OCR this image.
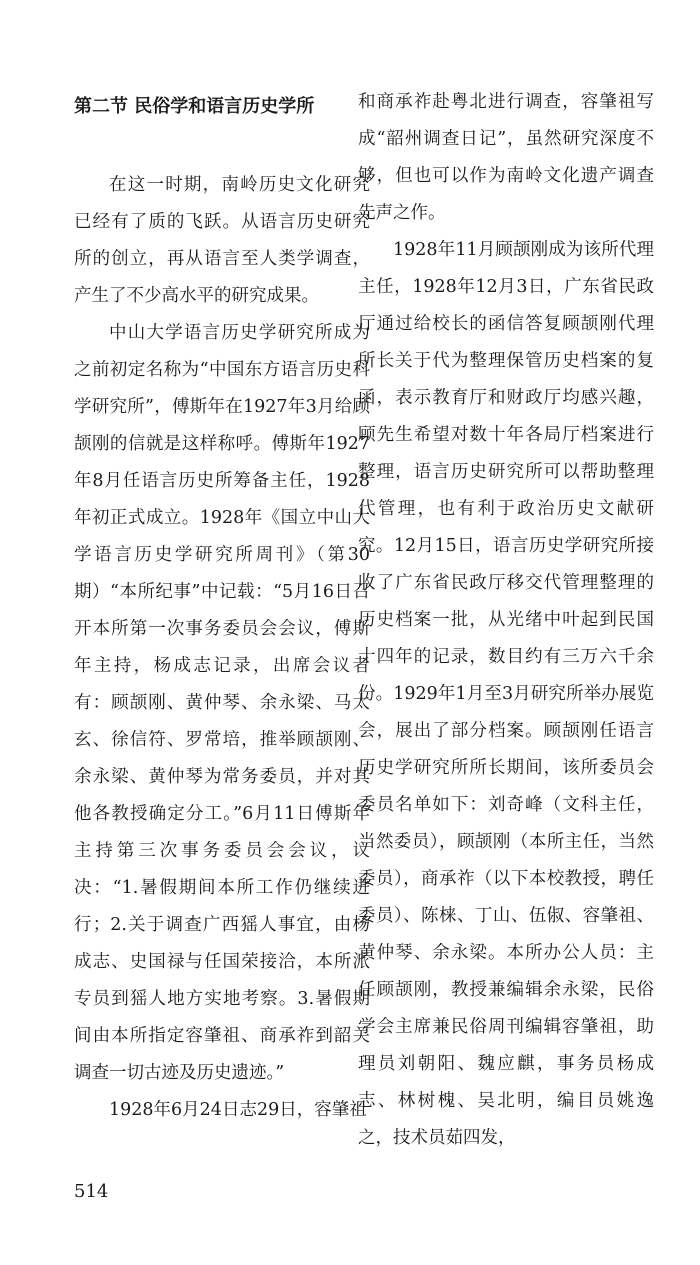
第二节 民俗学和语言历史学所

在这一时期，南岭历史文化研究已经有了质的飞跃。从语言历史研究所的创立，再从语言至人类学调查，产生了不少高水平的研究成果。

中山大学语言历史学研究所成为之前初定名称为“中国东方语言历史科学研究所”，傅斯年在1927年3月给顾颉刚的信就是这样称呼。傅斯年1927年8月任语言历史所筹备主任，1928年初正式成立。1928年《国立中山大学语言历史学研究所周刊》（第30期）“本所纪事”中记载：“5月16日召开本所第一次事务委员会会议，傅斯年主持，杨成志记录，出席会议者有：顾颉刚、黄仲琴、余永梁、马太玄、徐信符、罗常培，推举顾颉刚、余永梁、黄仲琴为常务委员，并对其他各教授确定分工。”6月11日傅斯年主持第三次事务委员会会议，议决：“1.暑假期间本所工作仍继续进行；2.关于调查广西猺人事宜，由杨成志、史国禄与任国荣接洽，本所派专员到猺人地方实地考察。3.暑假期间由本所指定容肇祖、商承祚到韶关调查一切古迹及历史遗迹。”

1928年6月24日志29日，容肇祖

和商承祚赴粤北进行调查，容肇祖写成“韶州调查日记”，虽然研究深度不够，但也可以作为南岭文化遗产调查先声之作。

1928年11月顾颉刚成为该所代理主任，1928年12月3日，广东省民政厅通过给校长的函信答复顾颉刚代理所长关于代为整理保管历史档案的复函，表示教育厅和财政厅均感兴趣，顾先生希望对数十年各局厅档案进行整理，语言历史研究所可以帮助整理代管理，也有利于政治历史文献研究。12月15日，语言历史学研究所接收了广东省民政厅移交代管理整理的历史档案一批，从光绪中叶起到民国十四年的记录，数目约有三万六千余份。1929年1月至3月研究所举办展览会，展出了部分档案。顾颉刚任语言历史学研究所所长期间，该所委员会委员名单如下：刘奇峰（文科主任，当然委员），顾颉刚（本所主任，当然委员），商承祚（以下本校教授，聘任委员）、陈梾、丁山、伍俶、容肇祖、黄仲琴、余永梁。本所办公人员：主任顾颉刚，教授兼编辑余永梁，民俗学会主席兼民俗周刊编辑容肇祖，助理员刘朝阳、魏应麒，事务员杨成志、林树槐、吴北明，编目员姚逸之，技术员茹四发，

514
